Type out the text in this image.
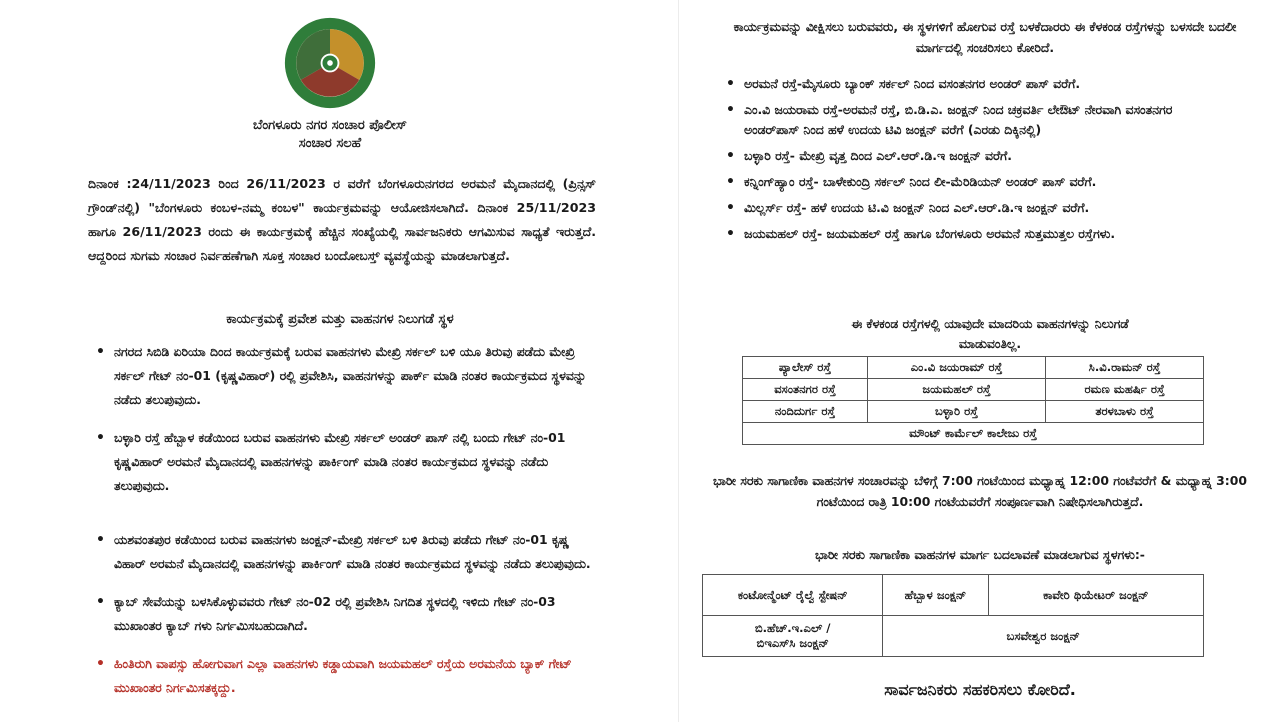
ಬೆಂಗಳೂರು ನಗರ ಸಂಚಾರ ಪೊಲೀಸ್
ಸಂಚಾರ ಸಲಹೆ
ದಿನಾಂಕ :24/11/2023 ರಿಂದ 26/11/2023 ರ ವರೆಗೆ ಬೆಂಗಳೂರುನಗರದ ಅರಮನೆ ಮೈದಾನದಲ್ಲಿ (ಪ್ರಿನ್ಸಸ್ ಗ್ರೌಂಡ್‌ನಲ್ಲಿ) "ಬೆಂಗಳೂರು ಕಂಬಳ-ನಮ್ಮ ಕಂಬಳ" ಕಾರ್ಯಕ್ರಮವನ್ನು ಆಯೋಜಿಸಲಾಗಿದೆ. ದಿನಾಂಕ 25/11/2023 ಹಾಗೂ 26/11/2023 ರಂದು ಈ ಕಾರ್ಯಕ್ರಮಕ್ಕೆ ಹೆಚ್ಚಿನ ಸಂಖ್ಯೆಯಲ್ಲಿ ಸಾರ್ವಜನಿಕರು ಆಗಮಿಸುವ ಸಾಧ್ಯತೆ ಇರುತ್ತದೆ. ಆದ್ದರಿಂದ ಸುಗಮ ಸಂಚಾರ ನಿರ್ವಹಣೆಗಾಗಿ ಸೂಕ್ತ ಸಂಚಾರ ಬಂದೋಬಸ್ತ್ ವ್ಯವಸ್ಥೆಯನ್ನು ಮಾಡಲಾಗುತ್ತದೆ.
ಕಾರ್ಯಕ್ರಮಕ್ಕೆ ಪ್ರವೇಶ ಮತ್ತು ವಾಹನಗಳ ನಿಲುಗಡೆ ಸ್ಥಳ
• ನಗರದ ಸಿಬಿಡಿ ಏರಿಯಾ ದಿಂದ ಕಾರ್ಯಕ್ರಮಕ್ಕೆ ಬರುವ ವಾಹನಗಳು ಮೇಖ್ರಿ ಸರ್ಕಲ್ ಬಳಿ ಯೂ ತಿರುವು ಪಡೆದು ಮೇಖ್ರಿ ಸರ್ಕಲ್ ಗೇಟ್ ನಂ-01 (ಕೃಷ್ಣವಿಹಾರ್) ರಲ್ಲಿ ಪ್ರವೇಶಿಸಿ, ವಾಹನಗಳನ್ನು ಪಾರ್ಕ್ ಮಾಡಿ ನಂತರ ಕಾರ್ಯಕ್ರಮದ ಸ್ಥಳವನ್ನು ನಡೆದು ತಲುಪುವುದು.
• ಬಳ್ಳಾರಿ ರಸ್ತೆ ಹೆಬ್ಬಾಳ ಕಡೆಯಿಂದ ಬರುವ ವಾಹನಗಳು ಮೇಖ್ರಿ ಸರ್ಕಲ್ ಅಂಡರ್ ಪಾಸ್ ನಲ್ಲಿ ಬಂದು ಗೇಟ್ ನಂ-01 ಕೃಷ್ಣವಿಹಾರ್ ಅರಮನೆ ಮೈದಾನದಲ್ಲಿ ವಾಹನಗಳನ್ನು ಪಾರ್ಕಿಂಗ್ ಮಾಡಿ ನಂತರ ಕಾರ್ಯಕ್ರಮದ ಸ್ಥಳವನ್ನು ನಡೆದು ತಲುಪುವುದು.
• ಯಶವಂತಪುರ ಕಡೆಯಿಂದ ಬರುವ ವಾಹನಗಳು ಜಂಕ್ಷನ್-ಮೇಖ್ರಿ ಸರ್ಕಲ್ ಬಳಿ ತಿರುವು ಪಡೆದು ಗೇಟ್ ನಂ-01 ಕೃಷ್ಣ ವಿಹಾರ್ ಅರಮನೆ ಮೈದಾನದಲ್ಲಿ ವಾಹನಗಳನ್ನು ಪಾರ್ಕಿಂಗ್ ಮಾಡಿ ನಂತರ ಕಾರ್ಯಕ್ರಮದ ಸ್ಥಳವನ್ನು ನಡೆದು ತಲುಪುವುದು.
• ಕ್ಯಾಬ್ ಸೇವೆಯನ್ನು ಬಳಸಿಕೊಳ್ಳುವವರು ಗೇಟ್ ನಂ-02 ರಲ್ಲಿ ಪ್ರವೇಶಿಸಿ ನಿಗದಿತ ಸ್ಥಳದಲ್ಲಿ ಇಳಿದು ಗೇಟ್ ನಂ-03 ಮುಖಾಂತರ ಕ್ಯಾಬ್ ಗಳು ನಿರ್ಗಮಿಸಬಹುದಾಗಿದೆ.
• ಹಿಂತಿರುಗಿ ವಾಪಸ್ಸು ಹೋಗುವಾಗ ಎಲ್ಲಾ ವಾಹನಗಳು ಕಡ್ಡಾಯವಾಗಿ ಜಯಮಹಲ್ ರಸ್ತೆಯ ಅರಮನೆಯ ಬ್ಯಾಕ್ ಗೇಟ್ ಮುಖಾಂತರ ನಿರ್ಗಮಿಸತಕ್ಕದ್ದು.
ಕಾರ್ಯಕ್ರಮವನ್ನು ವೀಕ್ಷಿಸಲು ಬರುವವರು, ಈ ಸ್ಥಳಗಳಿಗೆ ಹೋಗುವ ರಸ್ತೆ ಬಳಕೆದಾರರು ಈ ಕೆಳಕಂಡ ರಸ್ತೆಗಳನ್ನು ಬಳಸದೇ ಬದಲೀ ಮಾರ್ಗದಲ್ಲಿ ಸಂಚರಿಸಲು ಕೋರಿದೆ.
• ಅರಮನೆ ರಸ್ತೆ-ಮೈಸೂರು ಬ್ಯಾಂಕ್ ಸರ್ಕಲ್ ನಿಂದ ವಸಂತನಗರ ಅಂಡರ್ ಪಾಸ್ ವರೆಗೆ.
• ಎಂ.ವಿ ಜಯರಾಮ ರಸ್ತೆ-ಅರಮನೆ ರಸ್ತೆ, ಬಿ.ಡಿ.ಎ. ಜಂಕ್ಷನ್ ನಿಂದ ಚಕ್ರವರ್ತಿ ಲೇಔಟ್ ನೇರವಾಗಿ ವಸಂತನಗರ ಅಂಡರ್‌ಪಾಸ್ ನಿಂದ ಹಳೆ ಉದಯ ಟಿವಿ ಜಂಕ್ಷನ್ ವರೆಗೆ (ಎರಡು ದಿಕ್ಕಿನಲ್ಲಿ)
• ಬಳ್ಳಾರಿ ರಸ್ತೆ- ಮೇಖ್ರಿ ವೃತ್ತ ದಿಂದ ಎಲ್.ಆರ್.ಡಿ.ಇ ಜಂಕ್ಷನ್ ವರೆಗೆ.
• ಕನ್ನಿಂಗ್‌ಹ್ಯಾಂ ರಸ್ತೆ- ಬಾಳೇಕುಂದ್ರಿ ಸರ್ಕಲ್ ನಿಂದ ಲೀ-ಮೆರಿಡಿಯನ್ ಅಂಡರ್ ಪಾಸ್ ವರೆಗೆ.
• ಮಿಲ್ಲರ್ಸ್ ರಸ್ತೆ- ಹಳೆ ಉದಯ ಟಿ.ವಿ ಜಂಕ್ಷನ್ ನಿಂದ ಎಲ್.ಆರ್.ಡಿ.ಇ ಜಂಕ್ಷನ್ ವರೆಗೆ.
• ಜಯಮಹಲ್ ರಸ್ತೆ- ಜಯಮಹಲ್ ರಸ್ತೆ ಹಾಗೂ ಬೆಂಗಳೂರು ಅರಮನೆ ಸುತ್ತಮುತ್ತಲ ರಸ್ತೆಗಳು.
ಈ ಕೆಳಕಂಡ ರಸ್ತೆಗಳಲ್ಲಿ ಯಾವುದೇ ಮಾದರಿಯ ವಾಹನಗಳನ್ನು ನಿಲುಗಡೆ ಮಾಡುವಂತಿಲ್ಲ.
ಪ್ಯಾಲೇಸ್ ರಸ್ತೆ	ಎಂ.ವಿ ಜಯರಾಮ್ ರಸ್ತೆ	ಸಿ.ವಿ.ರಾಮನ್ ರಸ್ತೆ
ವಸಂತನಗರ ರಸ್ತೆ	ಜಯಮಹಲ್ ರಸ್ತೆ	ರಮಣ ಮಹರ್ಷಿ ರಸ್ತೆ
ನಂದಿದುರ್ಗ ರಸ್ತೆ	ಬಳ್ಳಾರಿ ರಸ್ತೆ	ತರಳಬಾಳು ರಸ್ತೆ
ಮೌಂಟ್ ಕಾರ್ಮೆಲ್ ಕಾಲೇಜು ರಸ್ತೆ		
ಭಾರೀ ಸರಕು ಸಾಗಾಣಿಕಾ ವಾಹನಗಳ ಸಂಚಾರವನ್ನು ಬೆಳಿಗ್ಗೆ 7:00 ಗಂಟೆಯಿಂದ ಮಧ್ಯಾಹ್ನ 12:00 ಗಂಟೆವರೆಗೆ & ಮಧ್ಯಾಹ್ನ 3:00 ಗಂಟೆಯಿಂದ ರಾತ್ರಿ 10:00 ಗಂಟೆಯವರೆಗೆ ಸಂಪೂರ್ಣವಾಗಿ ನಿಷೇಧಿಸಲಾಗಿರುತ್ತದೆ.
ಭಾರೀ ಸರಕು ಸಾಗಾಣಿಕಾ ವಾಹನಗಳ ಮಾರ್ಗ ಬದಲಾವಣೆ ಮಾಡಲಾಗುವ ಸ್ಥಳಗಳು:-
ಕಂಟೋನ್ಮೆಂಟ್ ರೈಲ್ವೆ ಸ್ಟೇಷನ್	ಹೆಬ್ಬಾಳ ಜಂಕ್ಷನ್	ಕಾವೇರಿ ಥಿಯೇಟರ್ ಜಂಕ್ಷನ್

ಬಿ.ಹೆಚ್.ಇ.ಎಲ್ /
ಬಿಇಎಸ್‌ಸಿ ಜಂಕ್ಷನ್	ಬಸವೇಶ್ವರ ಜಂಕ್ಷನ್	
ಸಾರ್ವಜನಿಕರು ಸಹಕರಿಸಲು ಕೋರಿದೆ.
